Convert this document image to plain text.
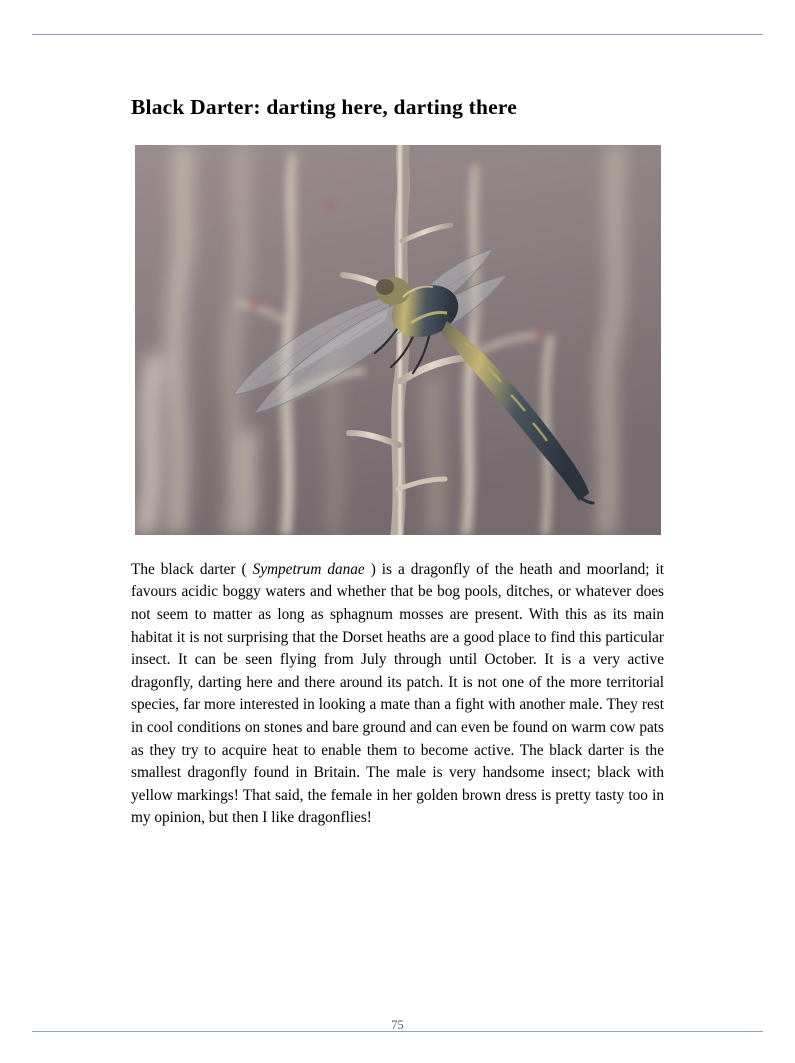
Black Darter: darting here, darting there

The black darter ( Sympetrum danae ) is a dragonfly of the heath and moorland; it favours acidic boggy waters and whether that be bog pools, ditches, or whatever does not seem to matter as long as sphagnum mosses are present. With this as its main habitat it is not surprising that the Dorset heaths are a good place to find this particular insect. It can be seen flying from July through until October. It is a very active dragonfly, darting here and there around its patch. It is not one of the more territorial species, far more interested in looking a mate than a fight with another male. They rest in cool conditions on stones and bare ground and can even be found on warm cow pats as they try to acquire heat to enable them to become active. The black darter is the smallest dragonfly found in Britain. The male is very handsome insect; black with yellow markings! That said, the female in her golden brown dress is pretty tasty too in my opinion, but then I like dragonflies!

75
